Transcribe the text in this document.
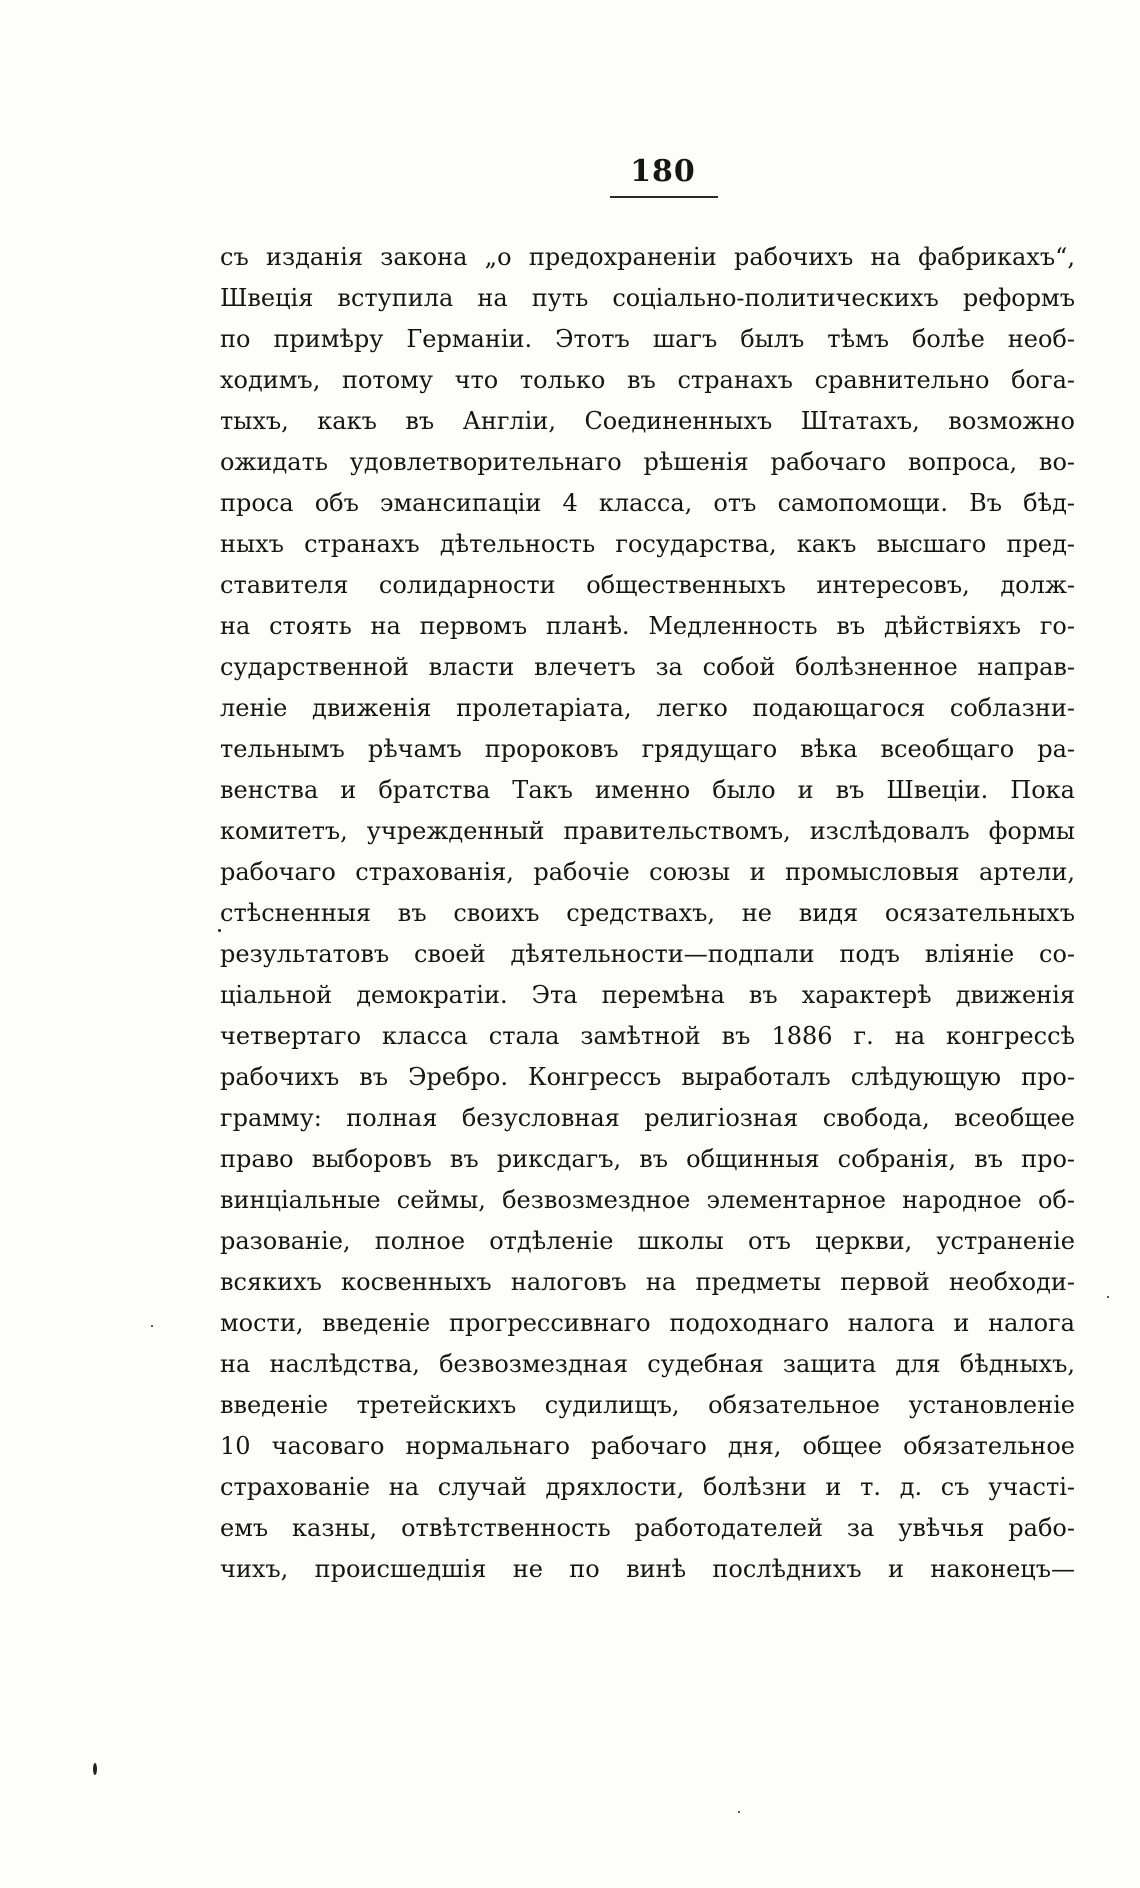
180
съ изданія закона „о предохраненіи рабочихъ на фабрикахъ“,
Швеція вступила на путь соціально-политическихъ реформъ
по примѣру Германіи. Этотъ шагъ былъ тѣмъ болѣе необ-
ходимъ, потому что только въ странахъ сравнительно бога-
тыхъ, какъ въ Англіи, Соединенныхъ Штатахъ, возможно
ожидать удовлетворительнаго рѣшенія рабочаго вопроса, во-
проса объ эмансипаціи 4 класса, отъ самопомощи. Въ бѣд-
ныхъ странахъ дѣтельность государства, какъ высшаго пред-
ставителя солидарности общественныхъ интересовъ, долж-
на стоять на первомъ планѣ. Медленность въ дѣйствіяхъ го-
сударственной власти влечетъ за собой болѣзненное направ-
леніе движенія пролетаріата, легко подающагося соблазни-
тельнымъ рѣчамъ пророковъ грядущаго вѣка всеобщаго ра-
венства и братства Такъ именно было и въ Швеціи. Пока
комитетъ, учрежденный правительствомъ, изслѣдовалъ формы
рабочаго страхованія, рабочіе союзы и промысловыя артели,
стѣсненныя въ своихъ средствахъ, не видя осязательныхъ
результатовъ своей дѣятельности—подпали подъ вліяніе со-
ціальной демократіи. Эта перемѣна въ характерѣ движенія
четвертаго класса стала замѣтной въ 1886 г. на конгрессѣ
рабочихъ въ Эребро. Конгрессъ выработалъ слѣдующую про-
грамму: полная безусловная религіозная свобода, всеобщее
право выборовъ въ риксдагъ, въ общинныя собранія, въ про-
винціальные сеймы, безвозмездное элементарное народное об-
разованіе, полное отдѣленіе школы отъ церкви, устраненіе
всякихъ косвенныхъ налоговъ на предметы первой необходи-
мости, введеніе прогрессивнаго подоходнаго налога и налога
на наслѣдства, безвозмездная судебная защита для бѣдныхъ,
введеніе третейскихъ судилищъ, обязательное установленіе
10 часоваго нормальнаго рабочаго дня, общее обязательное
страхованіе на случай дряхлости, болѣзни и т. д. съ участі-
емъ казны, отвѣтственность работодателей за увѣчья рабо-
чихъ, происшедшія не по винѣ послѣднихъ и наконецъ—
